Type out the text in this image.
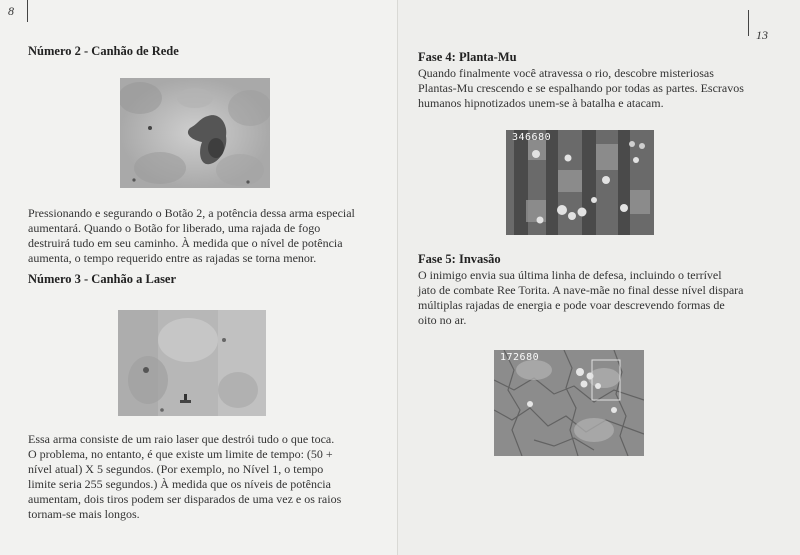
8
Número 2 - Canhão de Rede

Pressionando e segurando o Botão 2, a potência dessa arma especial
aumentará. Quando o Botão for liberado, uma rajada de fogo
destruirá tudo em seu caminho. À medida que o nível de potência
aumenta, o tempo requerido entre as rajadas se torna menor.

Número 3 - Canhão a Laser

Essa arma consiste de um raio laser que destrói tudo o que toca.
O problema, no entanto, é que existe um limite de tempo: (50 +
nível atual) X 5 segundos. (Por exemplo, no Nível 1, o tempo
limite seria 255 segundos.) À medida que os níveis de potência
aumentam, dois tiros podem ser disparados de uma vez e os raios
tornam-se mais longos.

13
Fase 4: Planta-Mu

Quando finalmente você atravessa o rio, descobre misteriosas
Plantas-Mu crescendo e se espalhando por todas as partes. Escravos
humanos hipnotizados unem-se à batalha e atacam.

346680
Fase 5: Invasão

O inimigo envia sua última linha de defesa, incluindo o terrível
jato de combate Ree Torita. A nave-mãe no final desse nível dispara
múltiplas rajadas de energia e pode voar descrevendo formas de
oito no ar.

172680
